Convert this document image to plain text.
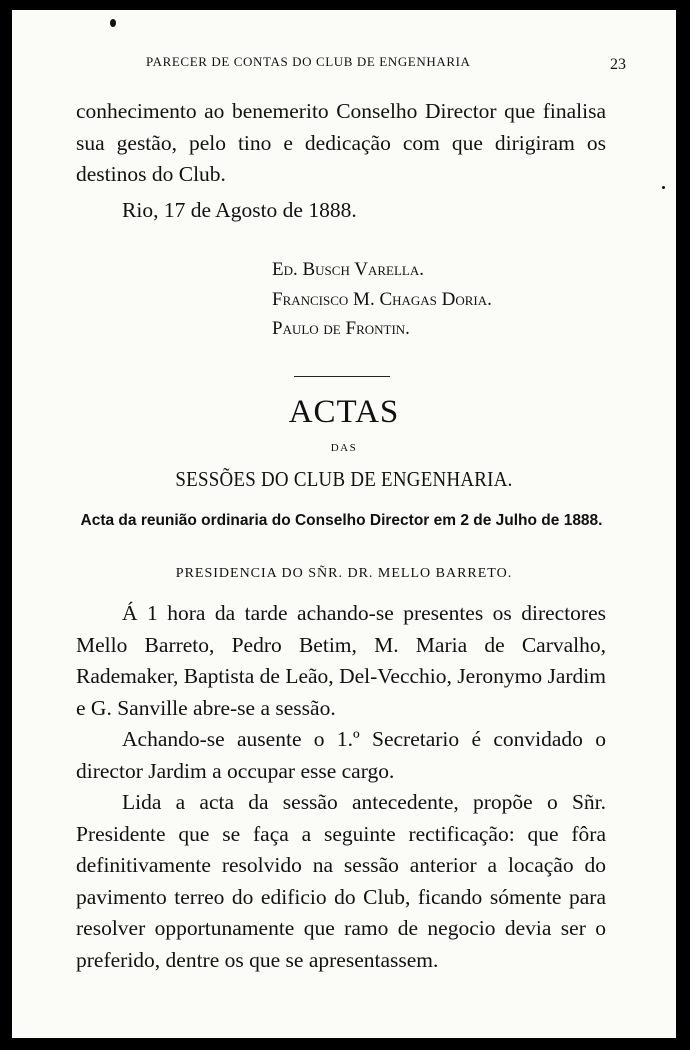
PARECER DE CONTAS DO CLUB DE ENGENHARIA	23

conhecimento ao benemerito Conselho Director que finalisa sua gestão, pelo tino e dedicação com que dirigiram os destinos do Club.

Rio, 17 de Agosto de 1888.

Ed. Busch Varella.
Francisco M. Chagas Doria.
Paulo de Frontin.
ACTAS
DAS
SESSÕES DO CLUB DE ENGENHARIA.
Acta da reunião ordinaria do Conselho Director em 2 de Julho de 1888.
PRESIDENCIA DO SÑR. DR. MELLO BARRETO.

Á 1 hora da tarde achando-se presentes os directores Mello Barreto, Pedro Betim, M. Maria de Carvalho, Rademaker, Baptista de Leão, Del-Vecchio, Jeronymo Jardim e G. Sanville abre-se a sessão.

Achando-se ausente o 1.º Secretario é convidado o director Jardim a occupar esse cargo.

Lida a acta da sessão antecedente, propõe o Sñr. Presidente que se faça a seguinte rectificação: que fôra definitivamente resolvido na sessão anterior a locação do pavimento terreo do edificio do Club, ficando sómente para resolver opportunamente que ramo de negocio devia ser o preferido, dentre os que se apresentassem.
